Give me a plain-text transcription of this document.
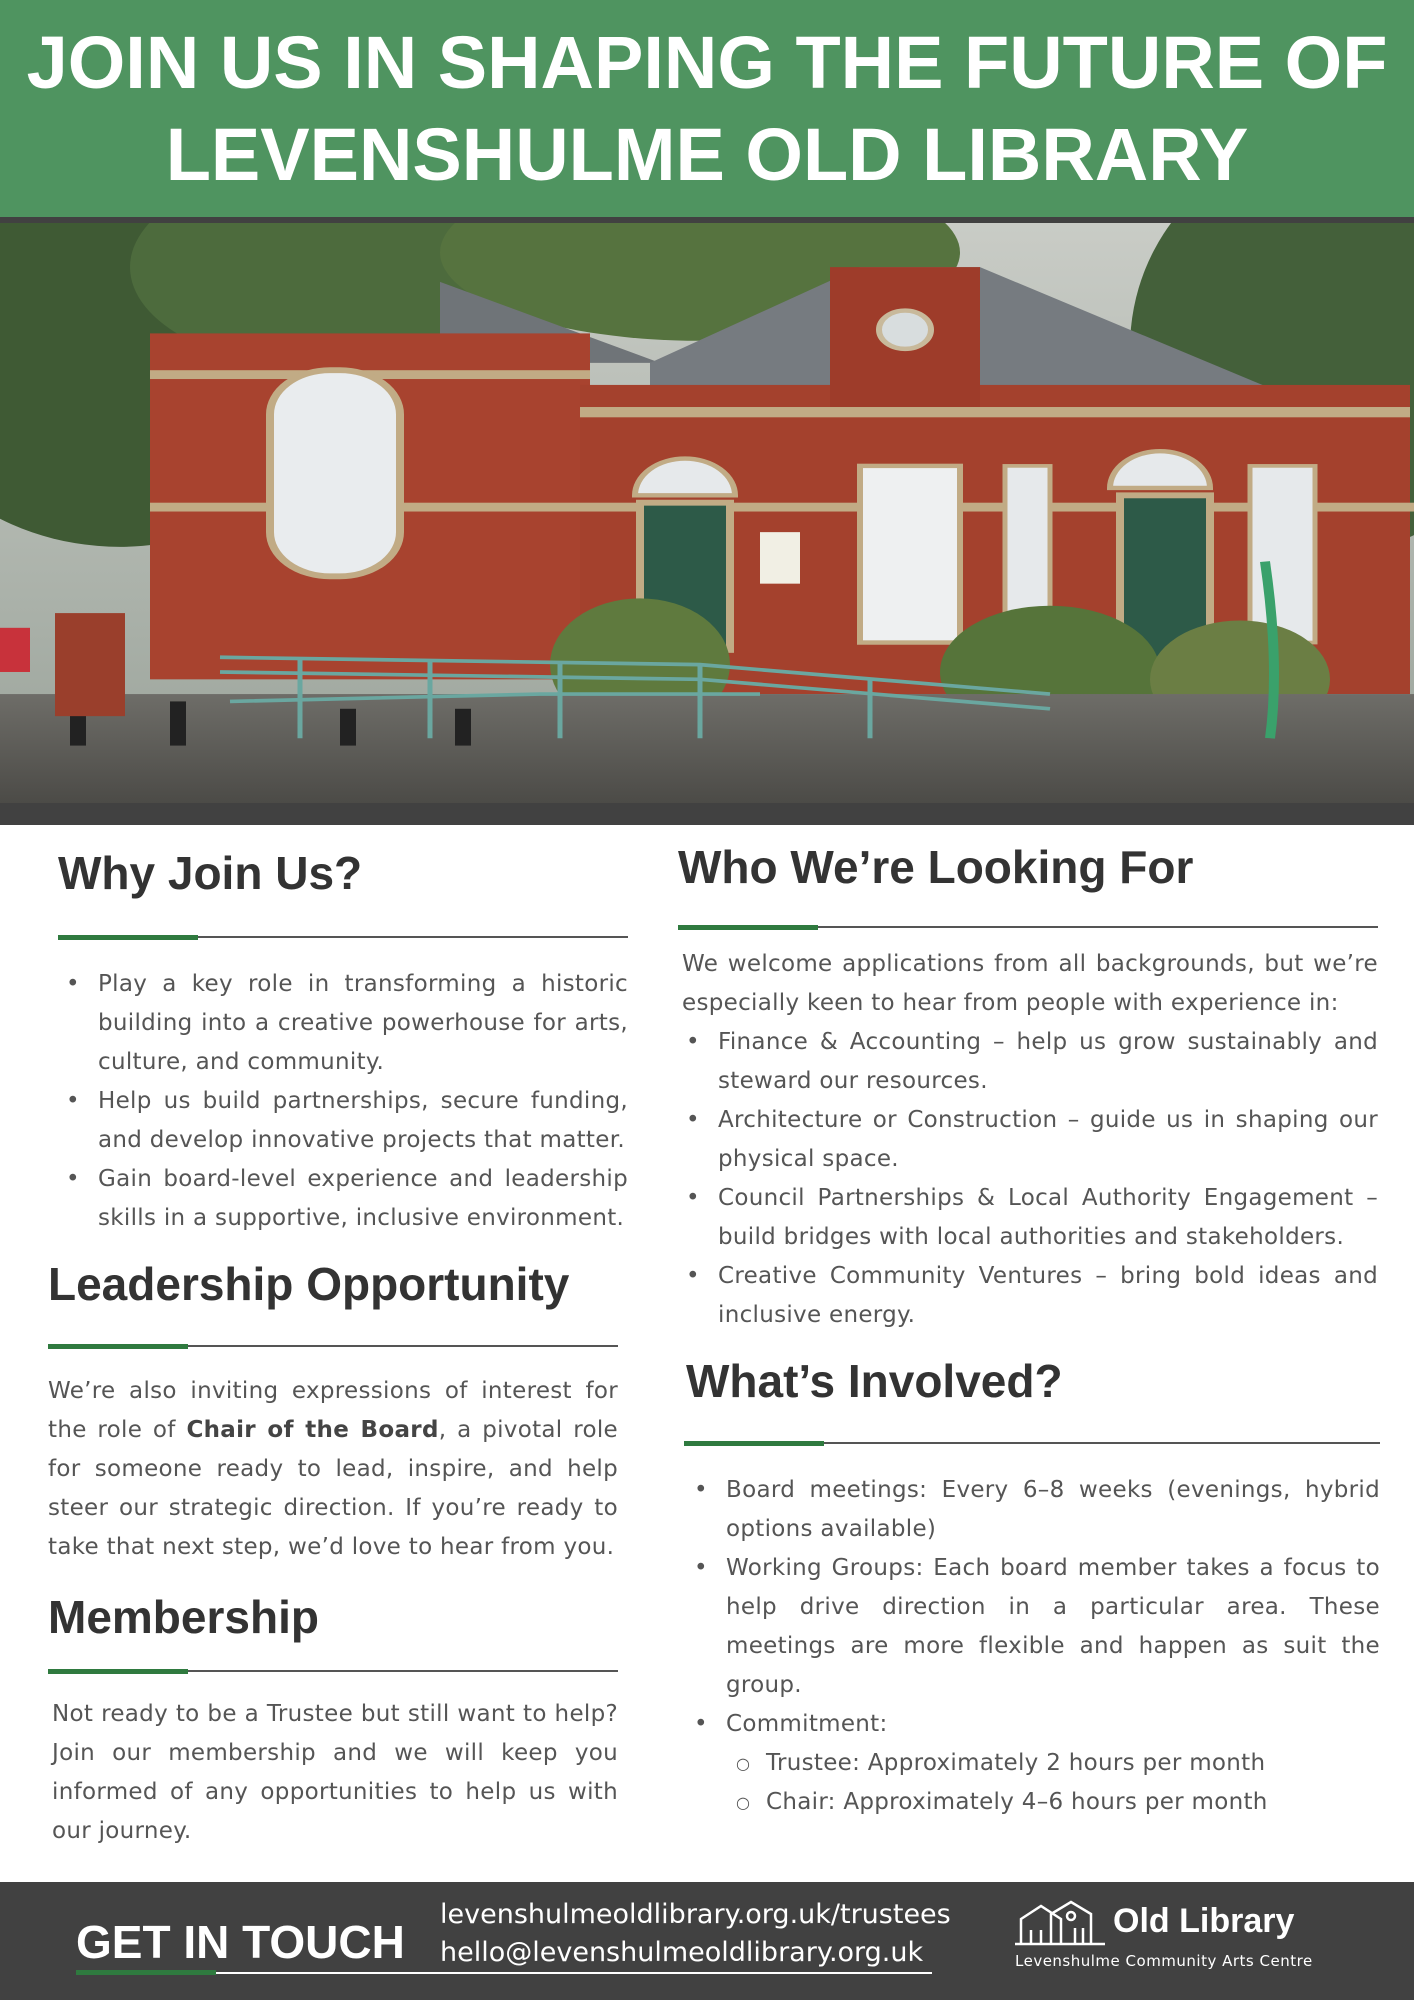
JOIN US IN SHAPING THE FUTURE OF
LEVENSHULME OLD LIBRARY
Why Join Us?
• Play a key role in transforming a historic building into a creative powerhouse for arts, culture, and community.
• Help us build partnerships, secure funding, and develop innovative projects that matter.
• Gain board-level experience and leadership skills in a supportive, inclusive environment.
Leadership Opportunity

We’re also inviting expressions of interest for the role of Chair of the Board, a pivotal role for someone ready to lead, inspire, and help steer our strategic direction. If you’re ready to take that next step, we’d love to hear from you.

Membership

Not ready to be a Trustee but still want to help? Join our membership and we will keep you informed of any opportunities to help us with our journey.

Who We’re Looking For

We welcome applications from all backgrounds, but we’re especially keen to hear from people with experience in:

• Finance & Accounting – help us grow sustainably and steward our resources.
• Architecture or Construction – guide us in shaping our physical space.
• Council Partnerships & Local Authority Engagement – build bridges with local authorities and stakeholders.
• Creative Community Ventures – bring bold ideas and inclusive energy.
What’s Involved?
• Board meetings: Every 6–8 weeks (evenings, hybrid options available)
• Working Groups: Each board member takes a focus to help drive direction in a particular area. These meetings are more flexible and happen as suit the group.
• Commitment:
○ Trustee: Approximately 2 hours per month
○ Chair: Approximately 4–6 hours per month
GET IN TOUCH
levenshulmeoldlibrary.org.uk/trustees
hello@levenshulmeoldlibrary.org.uk
Old Library
Levenshulme Community Arts Centre
